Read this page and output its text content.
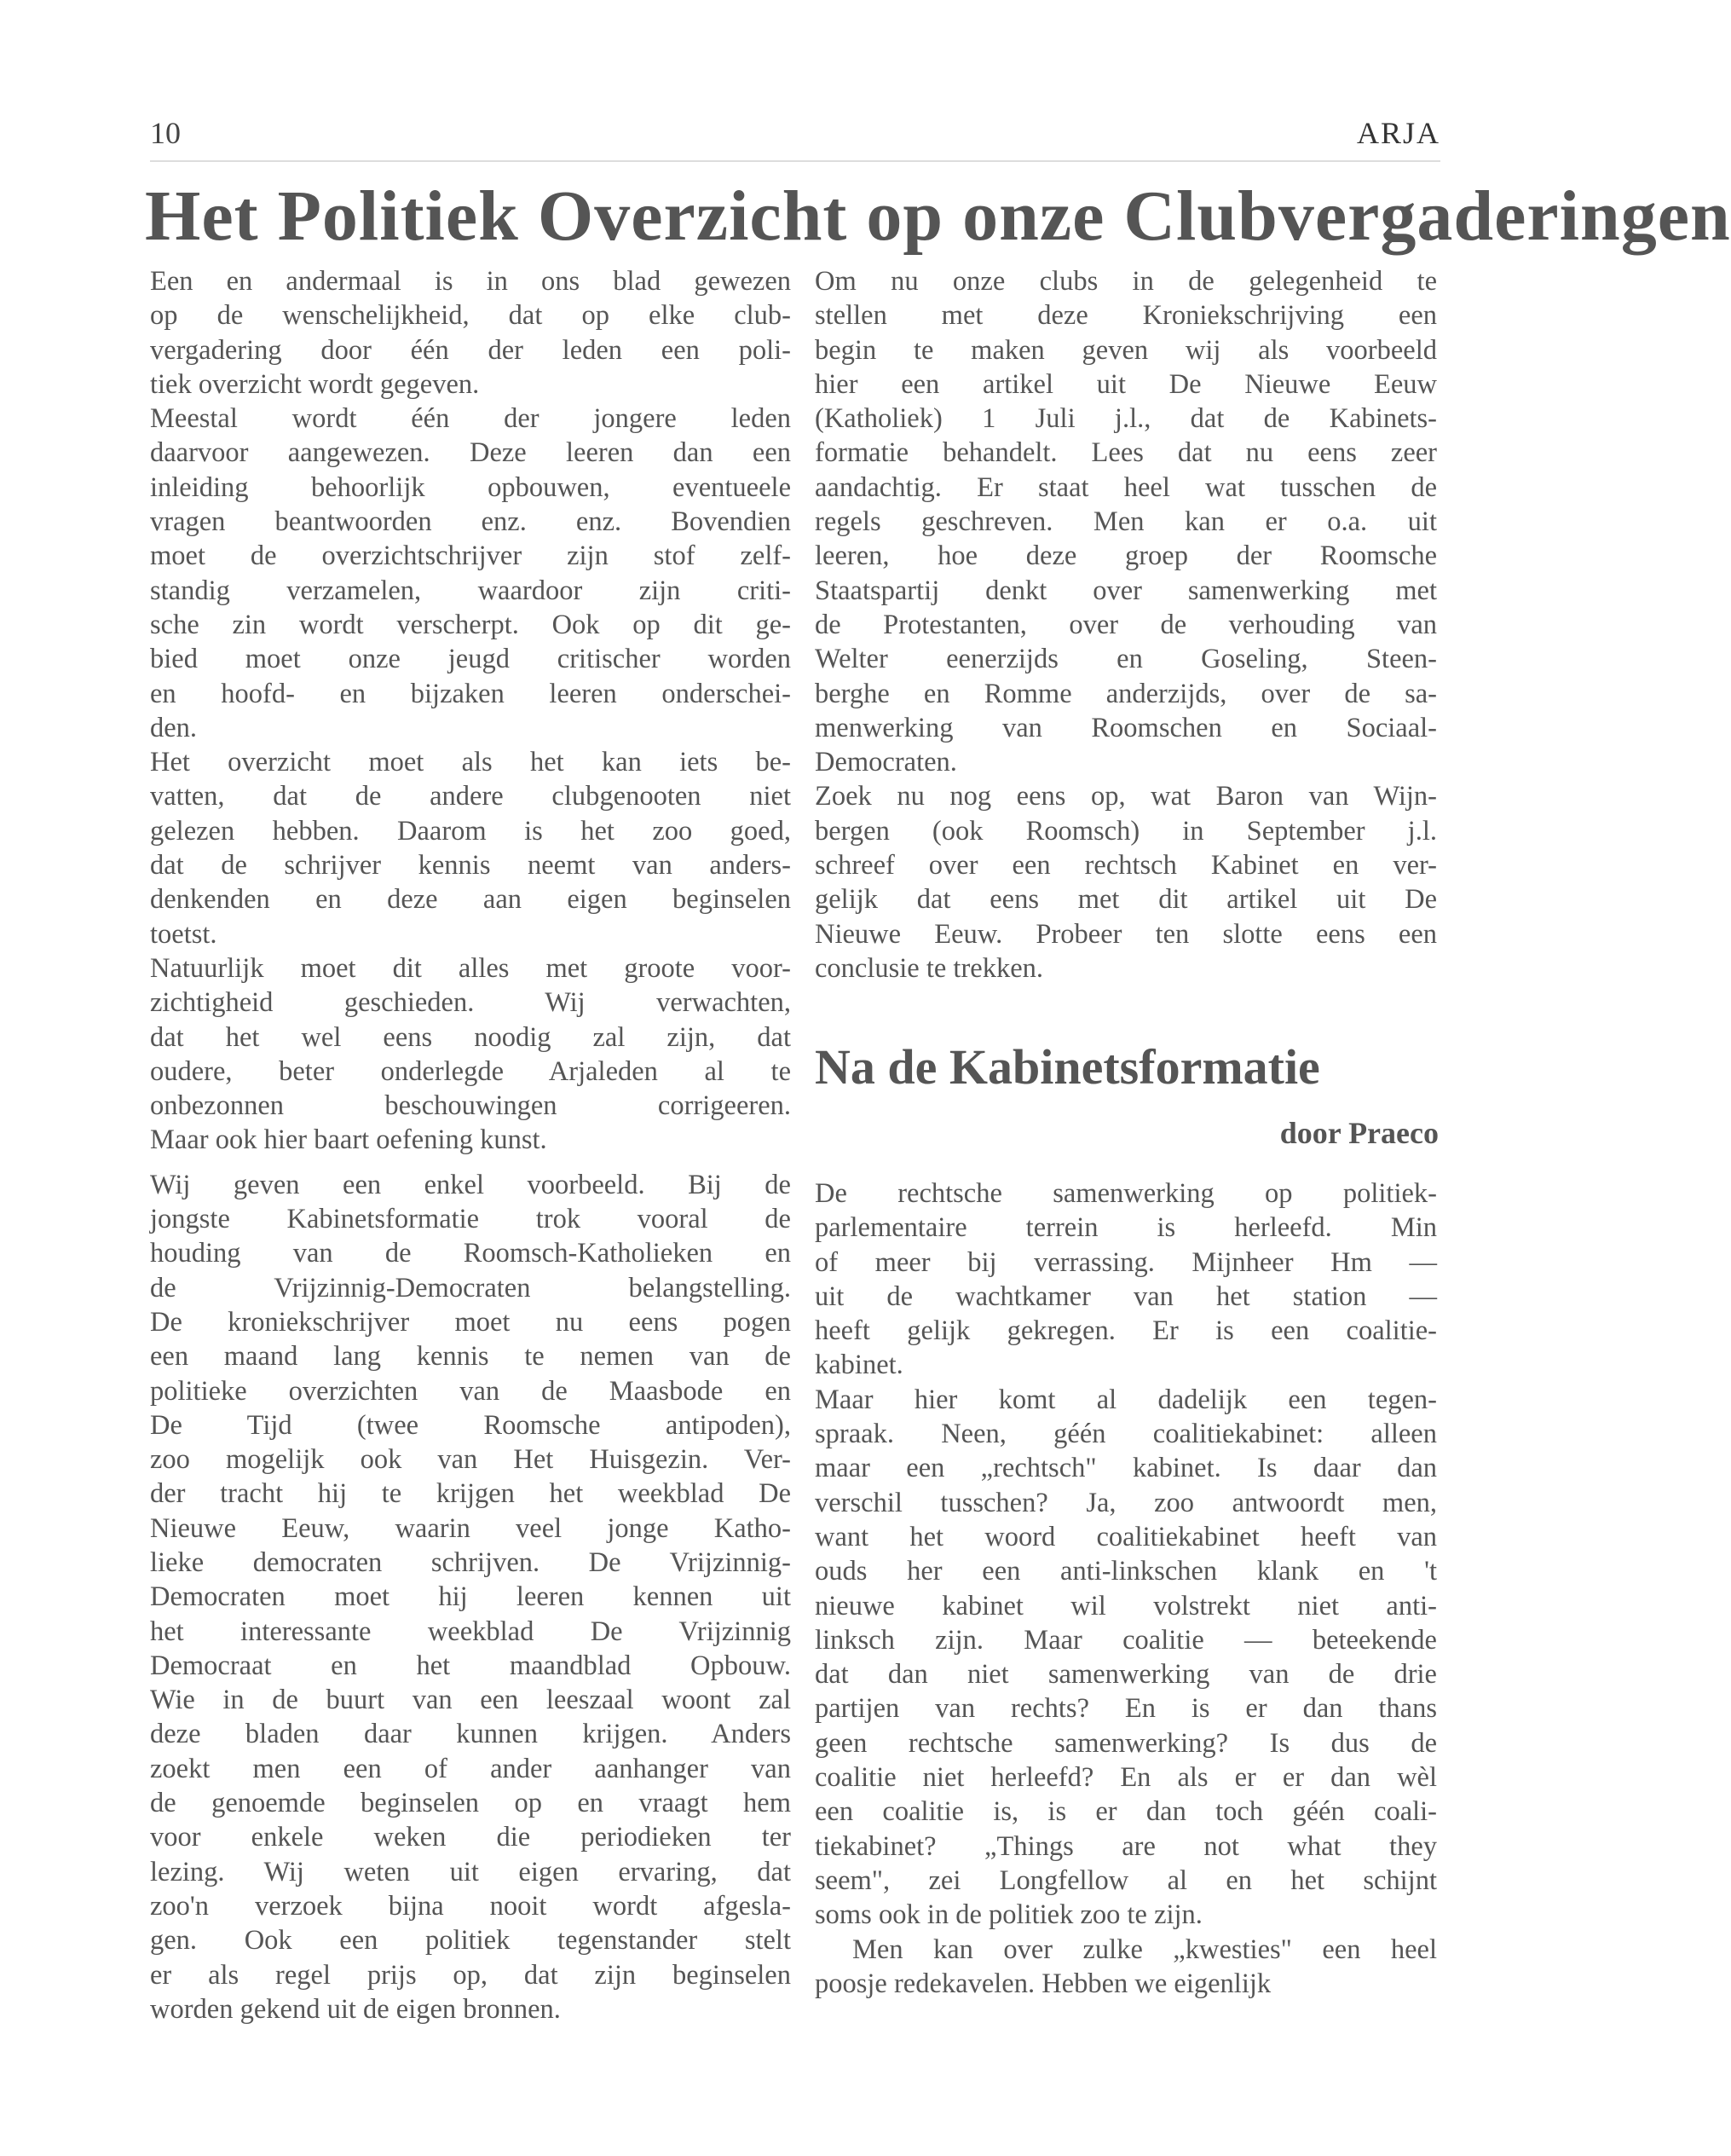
10	ARJA
Het Politiek Overzicht op onze Clubvergaderingen

Een en andermaal is in ons blad gewezen

op de wenschelijkheid, dat op elke club-

vergadering door één der leden een poli-

tiek overzicht wordt gegeven.

Meestal wordt één der jongere leden

daarvoor aangewezen. Deze leeren dan een

inleiding behoorlijk opbouwen, eventueele

vragen beantwoorden enz. enz. Bovendien

moet de overzichtschrijver zijn stof zelf-

standig verzamelen, waardoor zijn criti-

sche zin wordt verscherpt. Ook op dit ge-

bied moet onze jeugd critischer worden

en hoofd- en bijzaken leeren onderschei-

den.

Het overzicht moet als het kan iets be-

vatten, dat de andere clubgenooten niet

gelezen hebben. Daarom is het zoo goed,

dat de schrijver kennis neemt van anders-

denkenden en deze aan eigen beginselen

toetst.

Natuurlijk moet dit alles met groote voor-

zichtigheid geschieden. Wij verwachten,

dat het wel eens noodig zal zijn, dat

oudere, beter onderlegde Arjaleden al te

onbezonnen beschouwingen corrigeeren.

Maar ook hier baart oefening kunst.

Wij geven een enkel voorbeeld. Bij de

jongste Kabinetsformatie trok vooral de

houding van de Roomsch-Katholieken en

de Vrijzinnig-Democraten belangstelling.

De kroniekschrijver moet nu eens pogen

een maand lang kennis te nemen van de

politieke overzichten van de Maasbode en

De Tijd (twee Roomsche antipoden),

zoo mogelijk ook van Het Huisgezin. Ver-

der tracht hij te krijgen het weekblad De

Nieuwe Eeuw, waarin veel jonge Katho-

lieke democraten schrijven. De Vrijzinnig-

Democraten moet hij leeren kennen uit

het interessante weekblad De Vrijzinnig

Democraat en het maandblad Opbouw.

Wie in de buurt van een leeszaal woont zal

deze bladen daar kunnen krijgen. Anders

zoekt men een of ander aanhanger van

de genoemde beginselen op en vraagt hem

voor enkele weken die periodieken ter

lezing. Wij weten uit eigen ervaring, dat

zoo'n verzoek bijna nooit wordt afgesla-

gen. Ook een politiek tegenstander stelt

er als regel prijs op, dat zijn beginselen

worden gekend uit de eigen bronnen.

Om nu onze clubs in de gelegenheid te

stellen met deze Kroniekschrijving een

begin te maken geven wij als voorbeeld

hier een artikel uit De Nieuwe Eeuw

(Katholiek) 1 Juli j.l., dat de Kabinets-

formatie behandelt. Lees dat nu eens zeer

aandachtig. Er staat heel wat tusschen de

regels geschreven. Men kan er o.a. uit

leeren, hoe deze groep der Roomsche

Staatspartij denkt over samenwerking met

de Protestanten, over de verhouding van

Welter eenerzijds en Goseling, Steen-

berghe en Romme anderzijds, over de sa-

menwerking van Roomschen en Sociaal-

Democraten.

Zoek nu nog eens op, wat Baron van Wijn-

bergen (ook Roomsch) in September j.l.

schreef over een rechtsch Kabinet en ver-

gelijk dat eens met dit artikel uit De

Nieuwe Eeuw. Probeer ten slotte eens een

conclusie te trekken.

Na de Kabinetsformatie
door Praeco

De rechtsche samenwerking op politiek-

parlementaire terrein is herleefd. Min

of meer bij verrassing. Mijnheer Hm —

uit de wachtkamer van het station —

heeft gelijk gekregen. Er is een coalitie-

kabinet.

Maar hier komt al dadelijk een tegen-

spraak. Neen, géén coalitiekabinet: alleen

maar een „rechtsch" kabinet. Is daar dan

verschil tusschen? Ja, zoo antwoordt men,

want het woord coalitiekabinet heeft van

ouds her een anti-linkschen klank en 't

nieuwe kabinet wil volstrekt niet anti-

linksch zijn. Maar coalitie — beteekende

dat dan niet samenwerking van de drie

partijen van rechts? En is er dan thans

geen rechtsche samenwerking? Is dus de

coalitie niet herleefd? En als er er dan wèl

een coalitie is, is er dan toch géén coali-

tiekabinet? „Things are not what they

seem", zei Longfellow al en het schijnt

soms ook in de politiek zoo te zijn.

Men kan over zulke „kwesties" een heel

poosje redekavelen. Hebben we eigenlijk
